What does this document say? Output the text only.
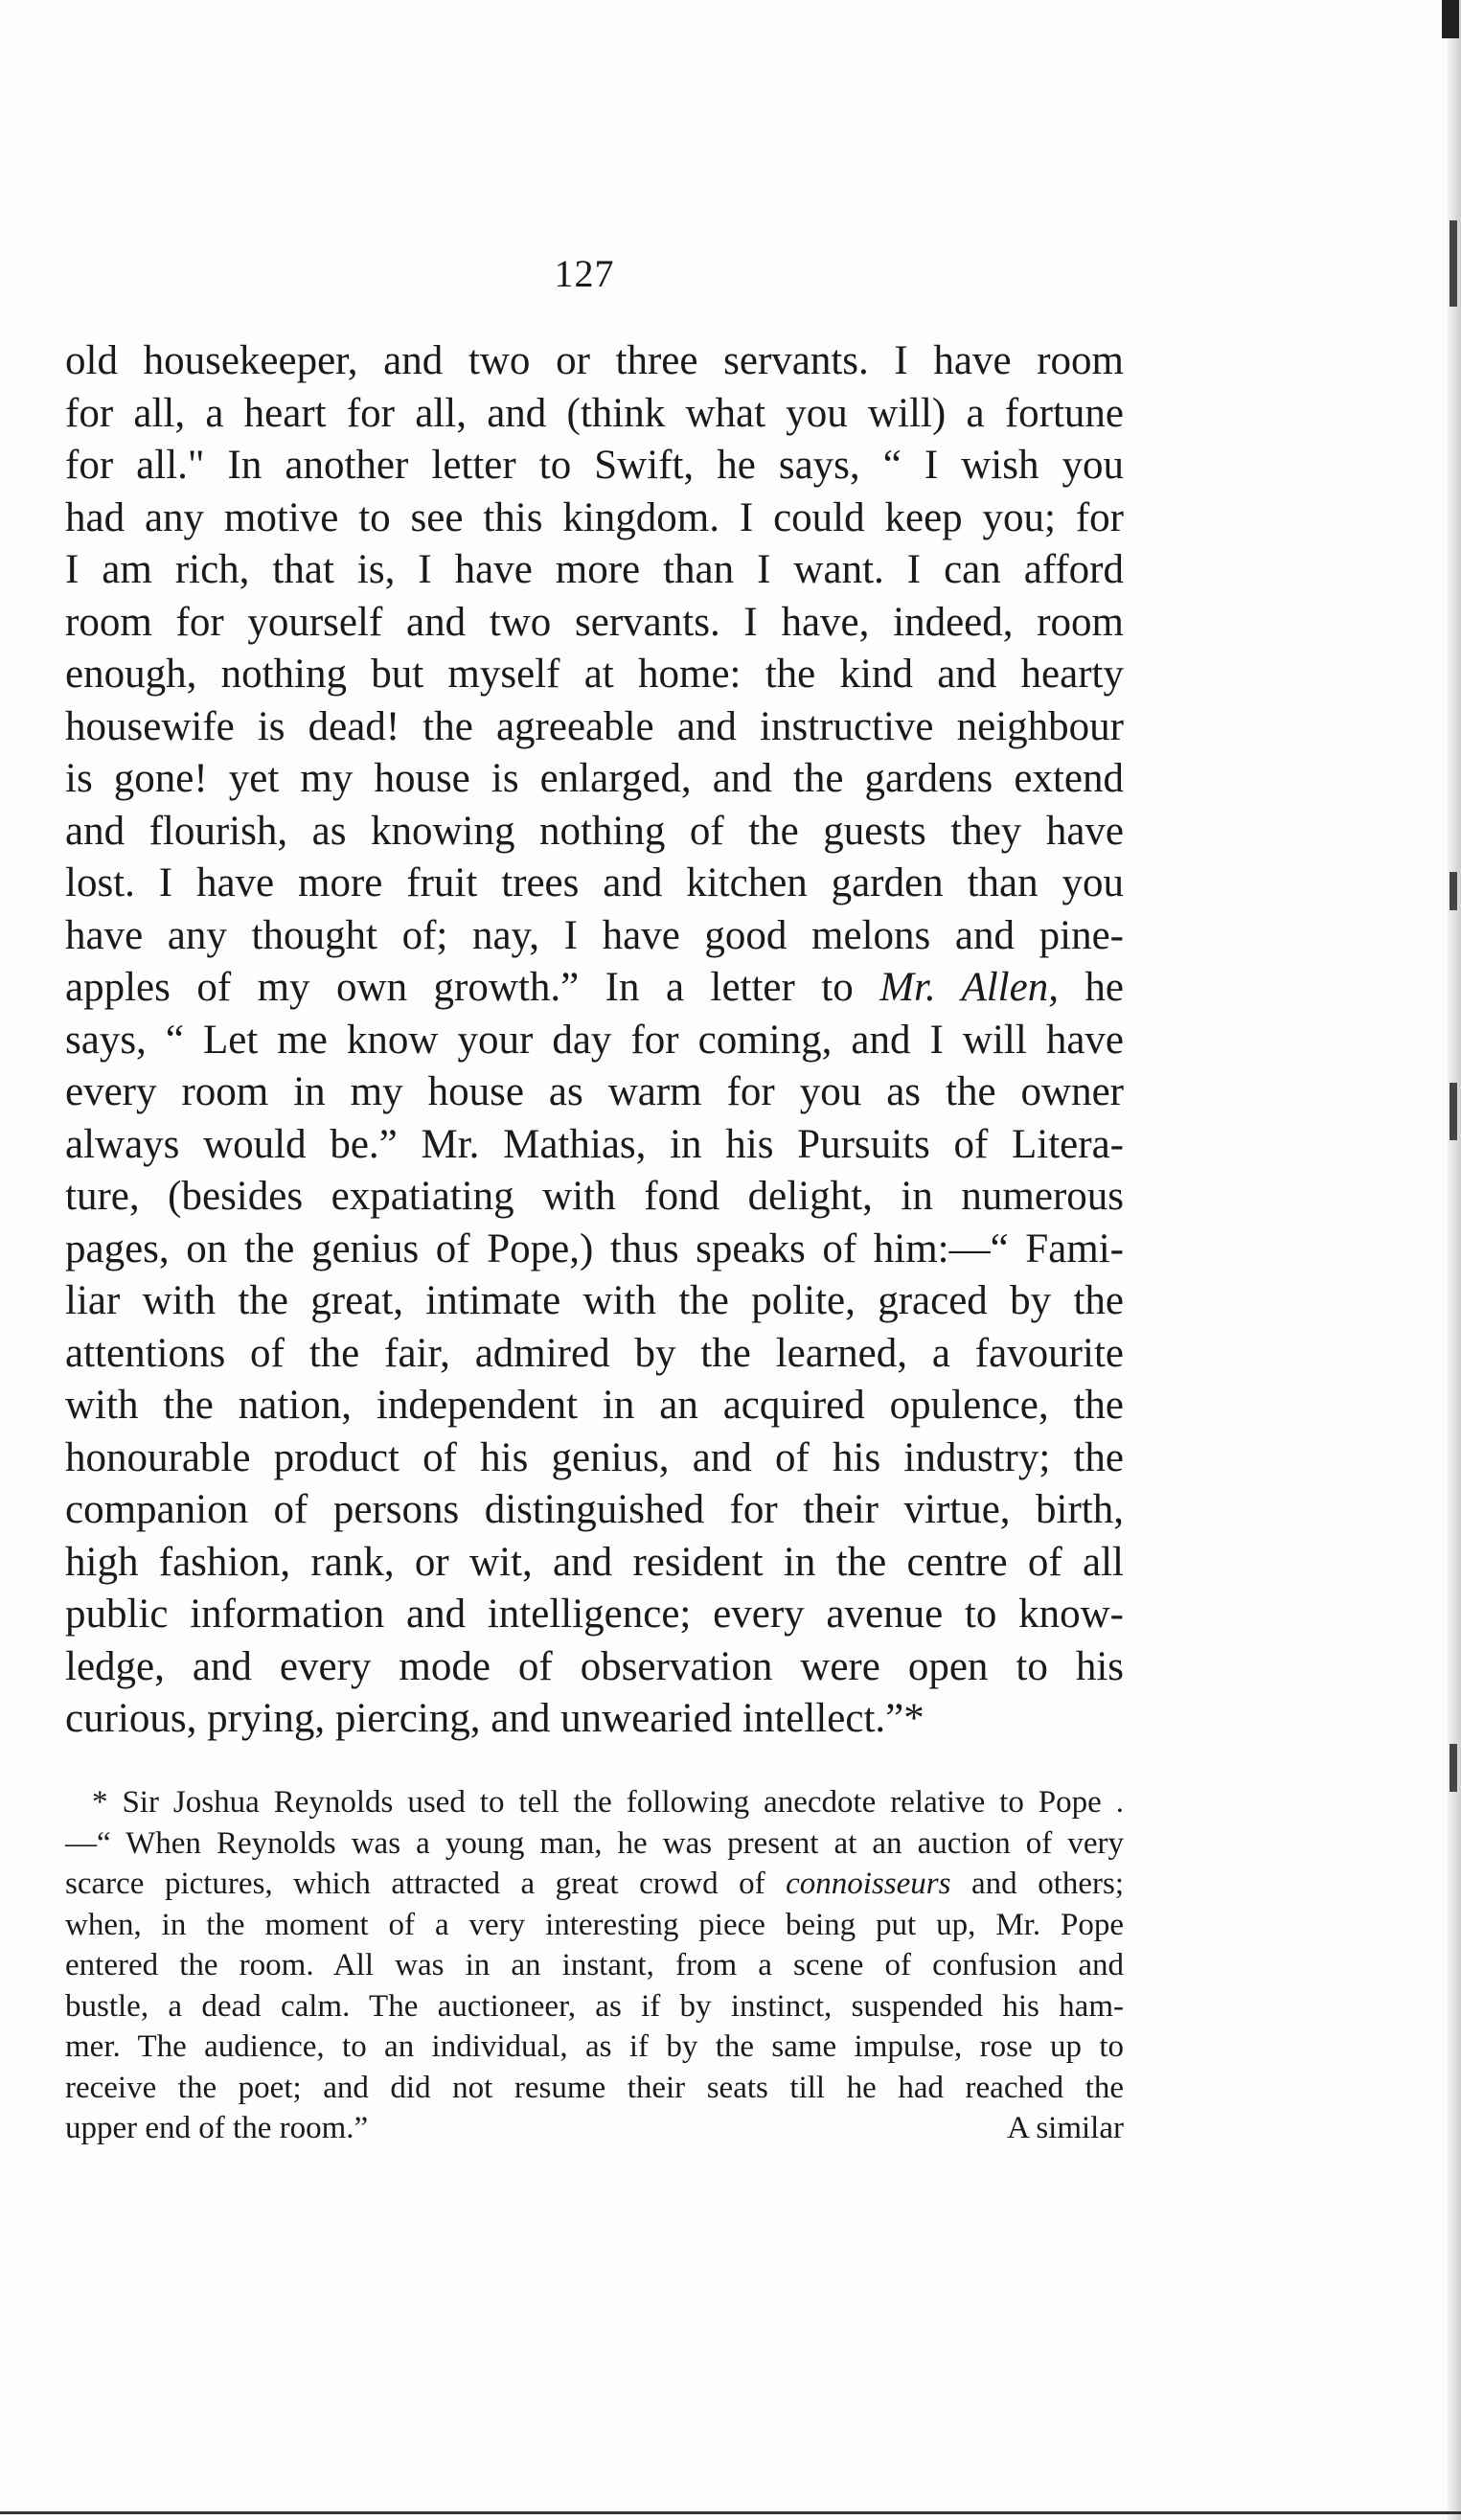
127
old housekeeper, and two or three servants. I have room
for all, a heart for all, and (think what you will) a fortune
for all." In another letter to Swift, he says, “ I wish you
had any motive to see this kingdom. I could keep you; for
I am rich, that is, I have more than I want. I can afford
room for yourself and two servants. I have, indeed, room
enough, nothing but myself at home: the kind and hearty
housewife is dead! the agreeable and instructive neighbour
is gone! yet my house is enlarged, and the gardens extend
and flourish, as knowing nothing of the guests they have
lost. I have more fruit trees and kitchen garden than you
have any thought of; nay, I have good melons and pine-
apples of my own growth.” In a letter to Mr. Allen, he
says, “ Let me know your day for coming, and I will have
every room in my house as warm for you as the owner
always would be.” Mr. Mathias, in his Pursuits of Litera-
ture, (besides expatiating with fond delight, in numerous
pages, on the genius of Pope,) thus speaks of him:—“ Fami-
liar with the great, intimate with the polite, graced by the
attentions of the fair, admired by the learned, a favourite
with the nation, independent in an acquired opulence, the
honourable product of his genius, and of his industry; the
companion of persons distinguished for their virtue, birth,
high fashion, rank, or wit, and resident in the centre of all
public information and intelligence; every avenue to know-
ledge, and every mode of observation were open to his
curious, prying, piercing, and unwearied intellect.”*
* Sir Joshua Reynolds used to tell the following anecdote relative to Pope .
—“ When Reynolds was a young man, he was present at an auction of very
scarce pictures, which attracted a great crowd of connoisseurs and others;
when, in the moment of a very interesting piece being put up, Mr. Pope
entered the room. All was in an instant, from a scene of confusion and
bustle, a dead calm. The auctioneer, as if by instinct, suspended his ham-
mer. The audience, to an individual, as if by the same impulse, rose up to
receive the poet; and did not resume their seats till he had reached the
upper end of the room.”	A similar
